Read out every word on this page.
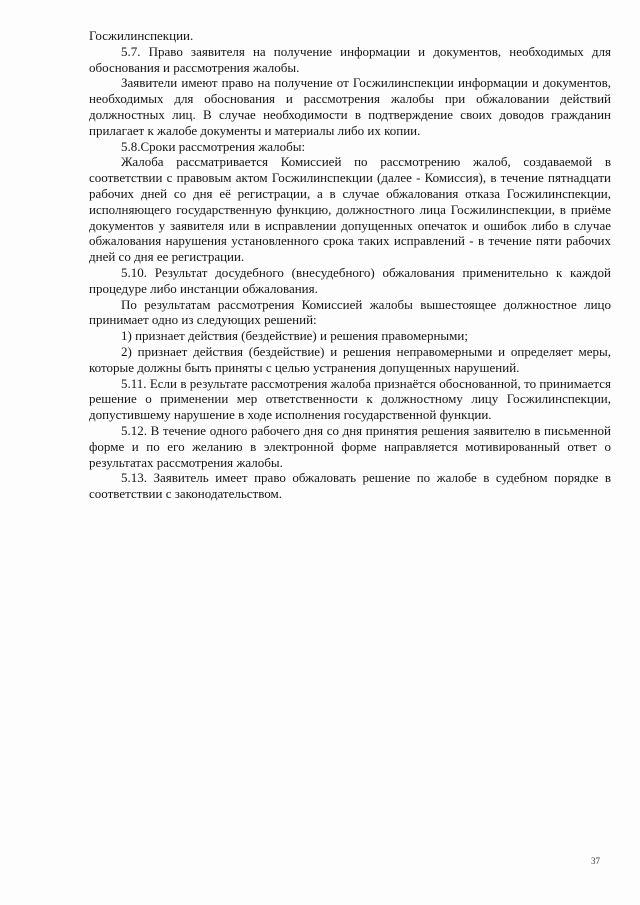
Госжилинспекции.

5.7. Право заявителя на получение информации и документов, необходимых для обоснования и рассмотрения жалобы.

Заявители имеют право на получение от Госжилинспекции информации и документов, необходимых для обоснования и рассмотрения жалобы при обжаловании действий должностных лиц. В случае необходимости в подтверждение своих доводов гражданин прилагает к жалобе документы и материалы либо их копии.

5.8.Сроки рассмотрения жалобы:

Жалоба рассматривается Комиссией по рассмотрению жалоб, создаваемой в соответствии с правовым актом Госжилинспекции (далее - Комиссия), в течение пятнадцати рабочих дней со дня её регистрации, а в случае обжалования отказа Госжилинспекции, исполняющего государственную функцию, должностного лица Госжилинспекции, в приёме документов у заявителя или в исправлении допущенных опечаток и ошибок либо в случае обжалования нарушения установленного срока таких исправлений - в течение пяти рабочих дней со дня ее регистрации.

5.10. Результат досудебного (внесудебного) обжалования применительно к каждой процедуре либо инстанции обжалования.

По результатам рассмотрения Комиссией жалобы вышестоящее должностное лицо принимает одно из следующих решений:

1) признает действия (бездействие) и решения правомерными;

2) признает действия (бездействие) и решения неправомерными и определяет меры, которые должны быть приняты с целью устранения допущенных нарушений.

5.11. Если в результате рассмотрения жалоба признаётся обоснованной, то принимается решение о применении мер ответственности к должностному лицу Госжилинспекции, допустившему нарушение в ходе исполнения государственной функции.

5.12. В течение одного рабочего дня со дня принятия решения заявителю в письменной форме и по его желанию в электронной форме направляется мотивированный ответ о результатах рассмотрения жалобы.

5.13. Заявитель имеет право обжаловать решение по жалобе в судебном порядке в соответствии с законодательством.

37
